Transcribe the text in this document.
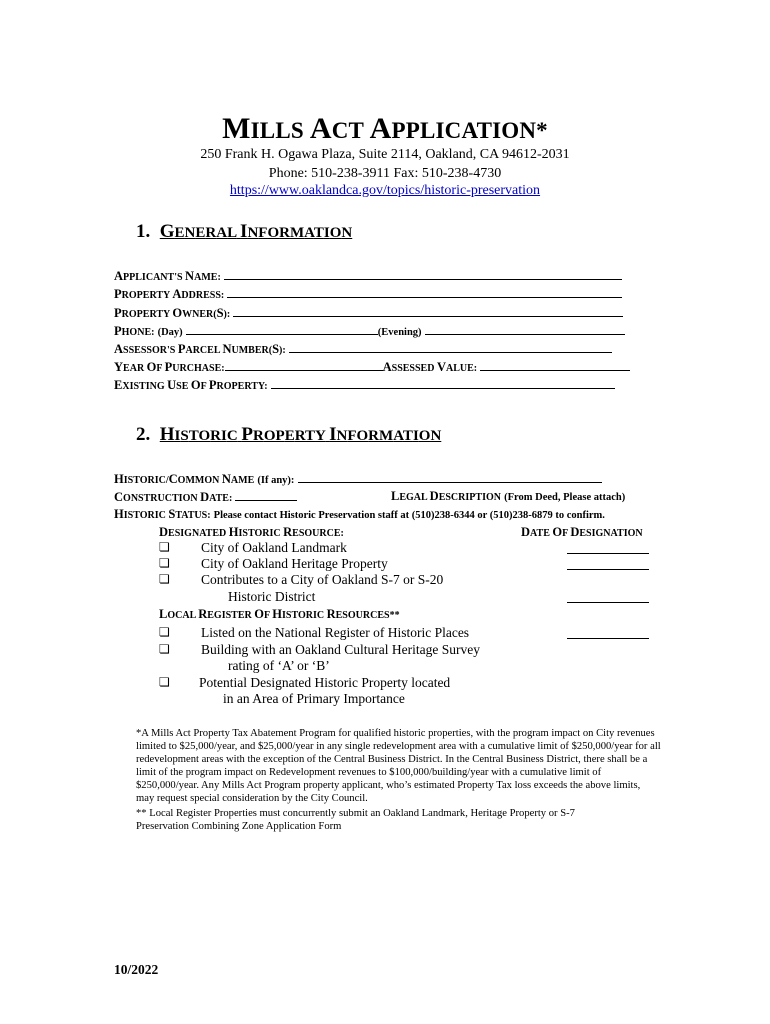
MILLS ACT APPLICATION*
250 Frank H. Ogawa Plaza, Suite 2114, Oakland, CA 94612-2031
Phone: 510-238-3911 Fax: 510-238-4730
https://www.oaklandca.gov/topics/historic-preservation
1. GENERAL INFORMATION
APPLICANT'S NAME:
PROPERTY ADDRESS:
PROPERTY OWNER(S):
PHONE: (Day)	(Evening)
ASSESSOR'S PARCEL NUMBER(S):
YEAR OF PURCHASE:	ASSESSED VALUE:
EXISTING USE OF PROPERTY:
2. HISTORIC PROPERTY INFORMATION
HISTORIC/COMMON NAME (If any):
CONSTRUCTION DATE:	LEGAL DESCRIPTION (From Deed, Please attach)
HISTORIC STATUS: Please contact Historic Preservation staff at (510)238-6344 or (510)238-6879 to confirm.
DESIGNATED HISTORIC RESOURCE:	DATE OF DESIGNATION
❏ City of Oakland Landmark
❏ City of Oakland Heritage Property
❏ Contributes to a City of Oakland S-7 or S-20
Historic District
LOCAL REGISTER OF HISTORIC RESOURCES**
❏ Listed on the National Register of Historic Places
❏ Building with an Oakland Cultural Heritage Survey
rating of ‘A’ or ‘B’
❏ Potential Designated Historic Property located
in an Area of Primary Importance
*A Mills Act Property Tax Abatement Program for qualified historic properties, with the program impact on City revenues
limited to $25,000/year, and $25,000/year in any single redevelopment area with a cumulative limit of $250,000/year for all
redevelopment areas with the exception of the Central Business District. In the Central Business District, there shall be a
limit of the program impact on Redevelopment revenues to $100,000/building/year with a cumulative limit of
$250,000/year. Any Mills Act Program property applicant, who’s estimated Property Tax loss exceeds the above limits,
may request special consideration by the City Council.
** Local Register Properties must concurrently submit an Oakland Landmark, Heritage Property or S-7
Preservation Combining Zone Application Form
10/2022
